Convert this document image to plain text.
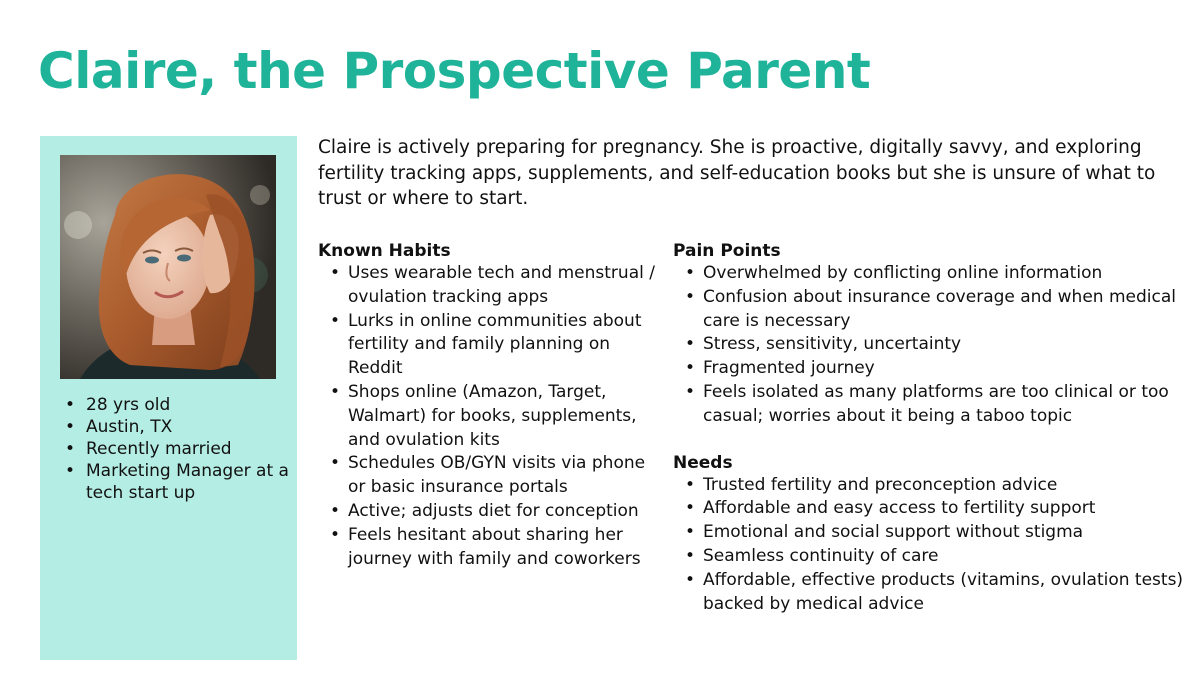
Claire, the Prospective Parent
• 28 yrs old
• Austin, TX
• Recently married
• Marketing Manager at a tech start up

Claire is actively preparing for pregnancy. She is proactive, digitally savvy, and exploring fertility tracking apps, supplements, and self-education books but she is unsure of what to trust or where to start.

Known Habits
• Uses wearable tech and menstrual / ovulation tracking apps
• Lurks in online communities about fertility and family planning on Reddit
• Shops online (Amazon, Target, Walmart) for books, supplements, and ovulation kits
• Schedules OB/GYN visits via phone or basic insurance portals
• Active; adjusts diet for conception
• Feels hesitant about sharing her journey with family and coworkers
Pain Points
• Overwhelmed by conflicting online information
• Confusion about insurance coverage and when medical care is necessary
• Stress, sensitivity, uncertainty
• Fragmented journey
• Feels isolated as many platforms are too clinical or too casual; worries about it being a taboo topic
Needs
• Trusted fertility and preconception advice
• Affordable and easy access to fertility support
• Emotional and social support without stigma
• Seamless continuity of care
• Affordable, effective products (vitamins, ovulation tests) backed by medical advice
